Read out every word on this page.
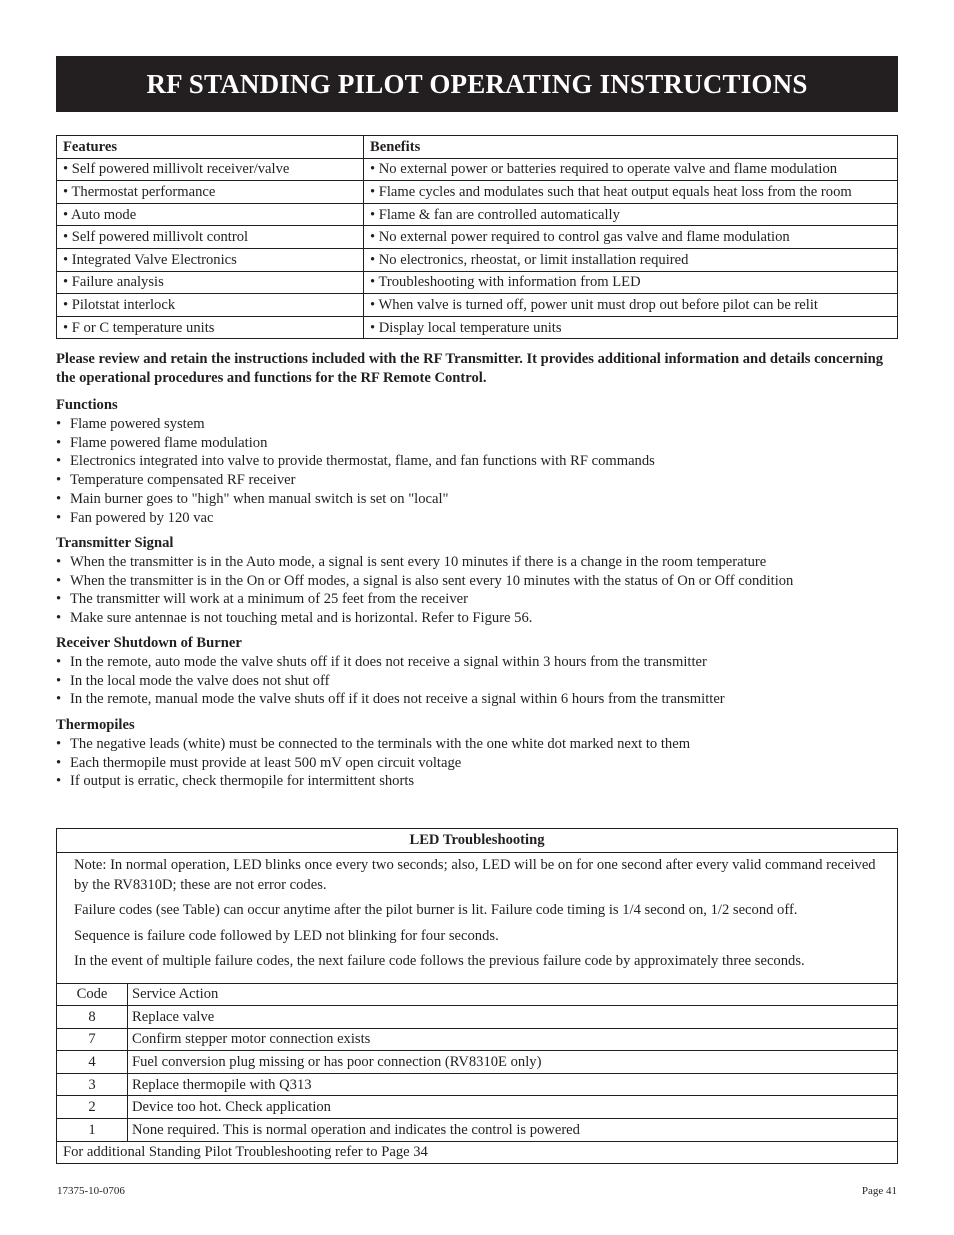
RF STANDING PILOT OPERATING INSTRUCTIONS
Features	Benefits
• Self powered millivolt receiver/valve	• No external power or batteries required to operate valve and flame modulation
• Thermostat performance	• Flame cycles and modulates such that heat output equals heat loss from the room
• Auto mode	• Flame & fan are controlled automatically
• Self powered millivolt control	• No external power required to control gas valve and flame modulation
• Integrated Valve Electronics	• No electronics, rheostat, or limit installation required
• Failure analysis	• Troubleshooting with information from LED
• Pilotstat interlock	• When valve is turned off, power unit must drop out before pilot can be relit
• F or C temperature units	• Display local temperature units
Please review and retain the instructions included with the RF Transmitter. It provides additional information and details concerning the operational procedures and functions for the RF Remote Control.
Functions
• Flame powered system
• Flame powered flame modulation
• Electronics integrated into valve to provide thermostat, flame, and fan functions with RF commands
• Temperature compensated RF receiver
• Main burner goes to "high" when manual switch is set on "local"
• Fan powered by 120 vac
Transmitter Signal
• When the transmitter is in the Auto mode, a signal is sent every 10 minutes if there is a change in the room temperature
• When the transmitter is in the On or Off modes, a signal is also sent every 10 minutes with the status of On or Off condition
• The transmitter will work at a minimum of 25 feet from the receiver
• Make sure antennae is not touching metal and is horizontal. Refer to Figure 56.
Receiver Shutdown of Burner
• In the remote, auto mode the valve shuts off if it does not receive a signal within 3 hours from the transmitter
• In the local mode the valve does not shut off
• In the remote, manual mode the valve shuts off if it does not receive a signal within 6 hours from the transmitter
Thermopiles
• The negative leads (white) must be connected to the terminals with the one white dot marked next to them
• Each thermopile must provide at least 500 mV open circuit voltage
• If output is erratic, check thermopile for intermittent shorts
LED Troubleshooting	

Note: In normal operation, LED blinks once every two seconds; also, LED will be on for one second after every valid command received by the RV8310D; these are not error codes.

Failure codes (see Table) can occur anytime after the pilot burner is lit. Failure code timing is 1/4 second on, 1/2 second off.

Sequence is failure code followed by LED not blinking for four seconds.

In the event of multiple failure codes, the next failure code follows the previous failure code by approximately three seconds.	

Code	Service Action
8	Replace valve
7	Confirm stepper motor connection exists
4	Fuel conversion plug missing or has poor connection (RV8310E only)
3	Replace thermopile with Q313
2	Device too hot. Check application
1	None required. This is normal operation and indicates the control is powered
For additional Standing Pilot Troubleshooting refer to Page 34	
17375-10-0706	Page 41
